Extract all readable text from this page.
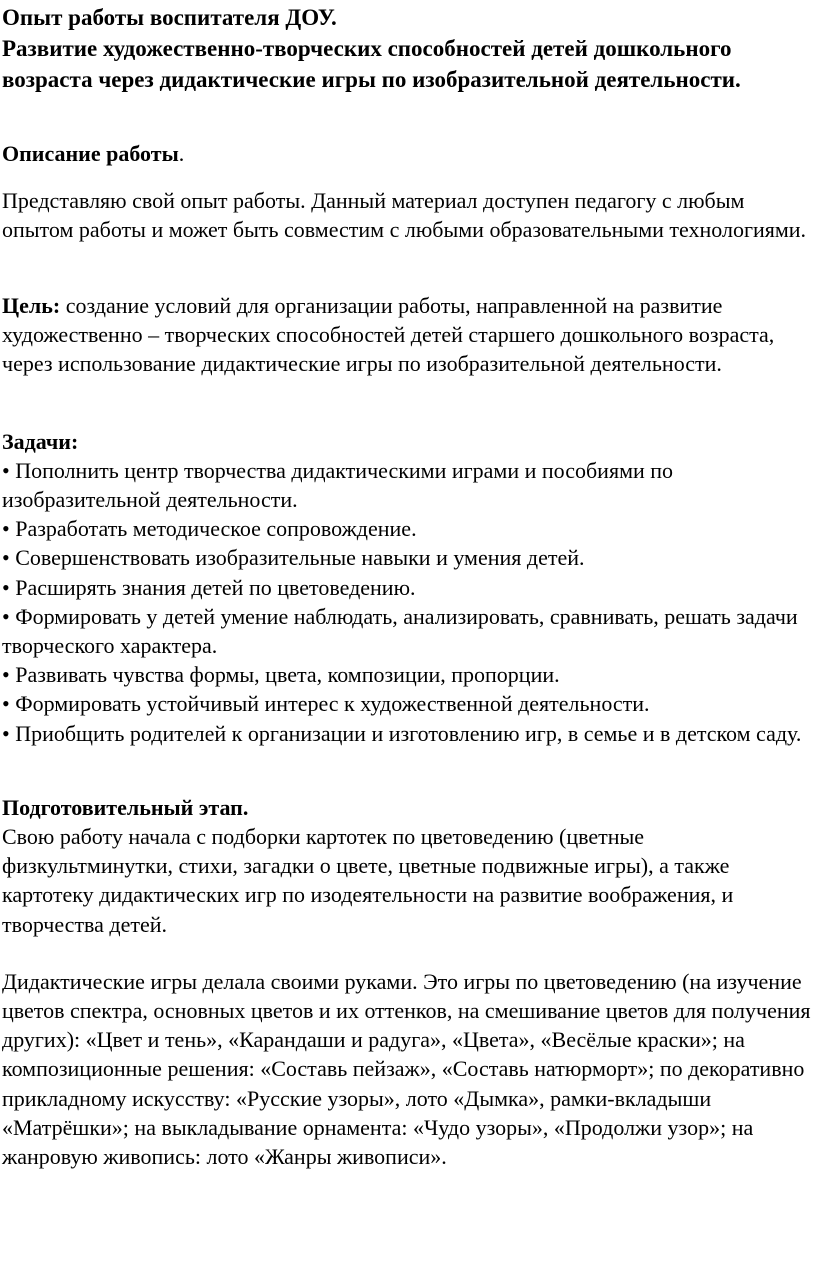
Опыт работы воспитателя ДОУ.
Развитие художественно-творческих способностей детей дошкольного возраста через дидактические игры по изобразительной деятельности.

Описание работы.

Представляю свой опыт работы. Данный материал доступен педагогу с любым опытом работы и может быть совместим с любыми образовательными технологиями.

Цель: создание условий для организации работы, направленной на развитие художественно – творческих способностей детей старшего дошкольного возраста, через использование дидактические игры по изобразительной деятельности.

Задачи:
• Пополнить центр творчества дидактическими играми и пособиями по изобразительной деятельности.
• Разработать методическое сопровождение.
• Совершенствовать изобразительные навыки и умения детей.
• Расширять знания детей по цветоведению.
• Формировать у детей умение наблюдать, анализировать, сравнивать, решать задачи творческого характера.
• Развивать чувства формы, цвета, композиции, пропорции.
• Формировать устойчивый интерес к художественной деятельности.
• Приобщить родителей к организации и изготовлению игр, в семье и в детском саду.
Подготовительный этап.

Свою работу начала с подборки картотек по цветоведению (цветные физкультминутки, стихи, загадки о цвете, цветные подвижные игры), а также картотеку дидактических игр по изодеятельности на развитие воображения, и творчества детей.

Дидактические игры делала своими руками. Это игры по цветоведению (на изучение цветов спектра, основных цветов и их оттенков, на смешивание цветов для получения других): «Цвет и тень», «Карандаши и радуга», «Цвета», «Весёлые краски»; на композиционные решения: «Составь пейзаж», «Составь натюрморт»; по декоративно прикладному искусству: «Русские узоры», лото «Дымка», рамки-вкладыши «Матрёшки»; на выкладывание орнамента: «Чудо узоры», «Продолжи узор»; на жанровую живопись: лото «Жанры живописи».
